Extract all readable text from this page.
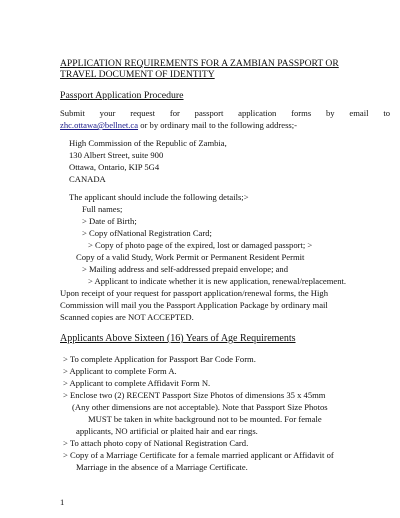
APPLICATION REQUIREMENTS FOR A ZAMBIAN PASSPORT OR
TRAVEL DOCUMENT OF IDENTITY
Passport Application Procedure
Submit your request for passport application forms by email to
zhc.ottawa@bellnet.ca or by ordinary mail to the following address;-
High Commission of the Republic of Zambia,
130 Albert Street, suite 900
Ottawa, Ontario, KIP 5G4
CANADA
The applicant should include the following details;>
Full names;
> Date of Birth;
> Copy ofNational Registration Card;
> Copy of photo page of the expired, lost or damaged passport; >
Copy of a valid Study, Work Permit or Permanent Resident Permit
> Mailing address and self-addressed prepaid envelope; and
> Applicant to indicate whether it is new application, renewal/replacement.
Upon receipt of your request for passport application/renewal forms, the High
Commission will mail you the Passport Application Package by ordinary mail
Scanned copies are NOT ACCEPTED.
Applicants Above Sixteen (16) Years of Age Requirements
> To complete Application for Passport Bar Code Form.
> Applicant to complete Form A.
> Applicant to complete Affidavit Form N.
> Enclose two (2) RECENT Passport Size Photos of dimensions 35 x 45mm
(Any other dimensions are not acceptable). Note that Passport Size Photos
MUST be taken in white background not to be mounted. For female
applicants, NO artificial or plaited hair and ear rings.
> To attach photo copy of National Registration Card.
> Copy of a Marriage Certificate for a female married applicant or Affidavit of
Marriage in the absence of a Marriage Certificate.
1
